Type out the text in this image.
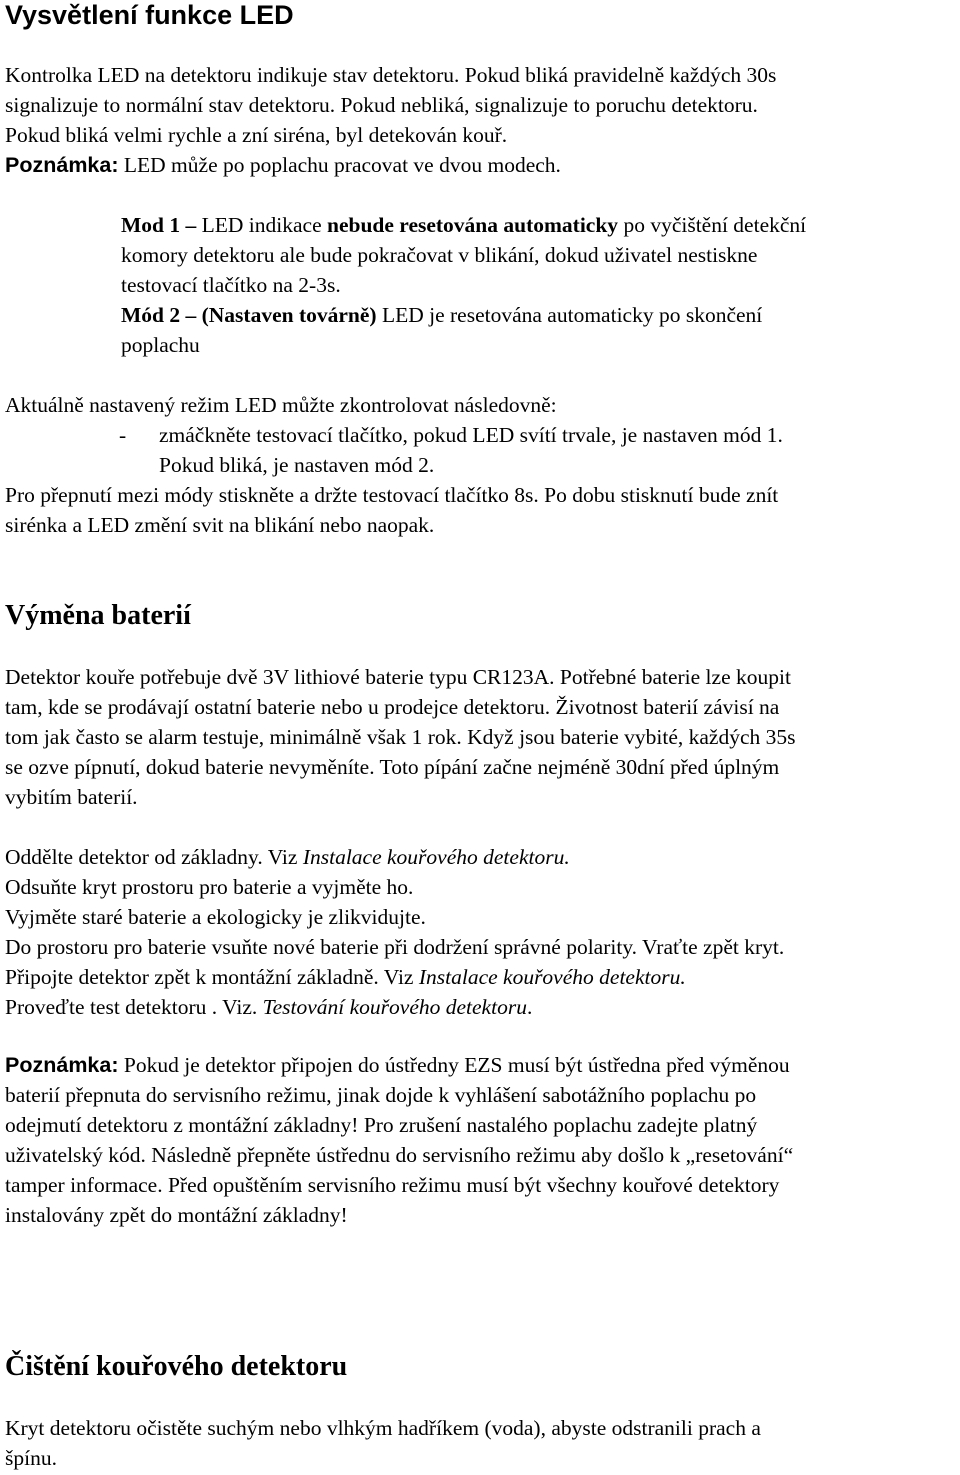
Vysvětlení funkce LED
Kontrolka LED na detektoru indikuje stav detektoru. Pokud bliká pravidelně každých 30s
signalizuje to normální stav detektoru. Pokud nebliká, signalizuje to poruchu detektoru.
Pokud bliká velmi rychle a zní siréna, byl detekován kouř.
Poznámka: LED může po poplachu pracovat ve dvou modech.
Mod 1 – LED indikace nebude resetována automaticky po vyčištění detekční
komory detektoru ale bude pokračovat v blikání, dokud uživatel nestiskne
testovací tlačítko na 2-3s.
Mód 2 – (Nastaven továrně) LED je resetována automaticky po skončení
poplachu
Aktuálně nastavený režim LED můžte zkontrolovat následovně:
- zmáčkněte testovací tlačítko, pokud LED svítí trvale, je nastaven mód 1.
Pokud bliká, je nastaven mód 2.
Pro přepnutí mezi módy stiskněte a držte testovací tlačítko 8s. Po dobu stisknutí bude znít
sirénka a LED změní svit na blikání nebo naopak.
Výměna baterií
Detektor kouře potřebuje dvě 3V lithiové baterie typu CR123A. Potřebné baterie lze koupit
tam, kde se prodávají ostatní baterie nebo u prodejce detektoru. Životnost baterií závisí na
tom jak často se alarm testuje, minimálně však 1 rok. Když jsou baterie vybité, každých 35s
se ozve pípnutí, dokud baterie nevyměníte. Toto pípání začne nejméně 30dní před úplným
vybitím baterií.
Oddělte detektor od základny. Viz Instalace kouřového detektoru.
Odsuňte kryt prostoru pro baterie a vyjměte ho.
Vyjměte staré baterie a ekologicky je zlikvidujte.
Do prostoru pro baterie vsuňte nové baterie při dodržení správné polarity. Vraťte zpět kryt.
Připojte detektor zpět k montážní základně. Viz Instalace kouřového detektoru.
Proveďte test detektoru . Viz. Testování kouřového detektoru.
Poznámka: Pokud je detektor připojen do ústředny EZS musí být ústředna před výměnou
baterií přepnuta do servisního režimu, jinak dojde k vyhlášení sabotážního poplachu po
odejmutí detektoru z montážní základny! Pro zrušení nastalého poplachu zadejte platný
uživatelský kód. Následně přepněte ústřednu do servisního režimu aby došlo k „resetování“
tamper informace. Před opuštěním servisního režimu musí být všechny kouřové detektory
instalovány zpět do montážní základny!
Čištění kouřového detektoru
Kryt detektoru očistěte suchým nebo vlhkým hadříkem (voda), abyste odstranili prach a
špínu.
